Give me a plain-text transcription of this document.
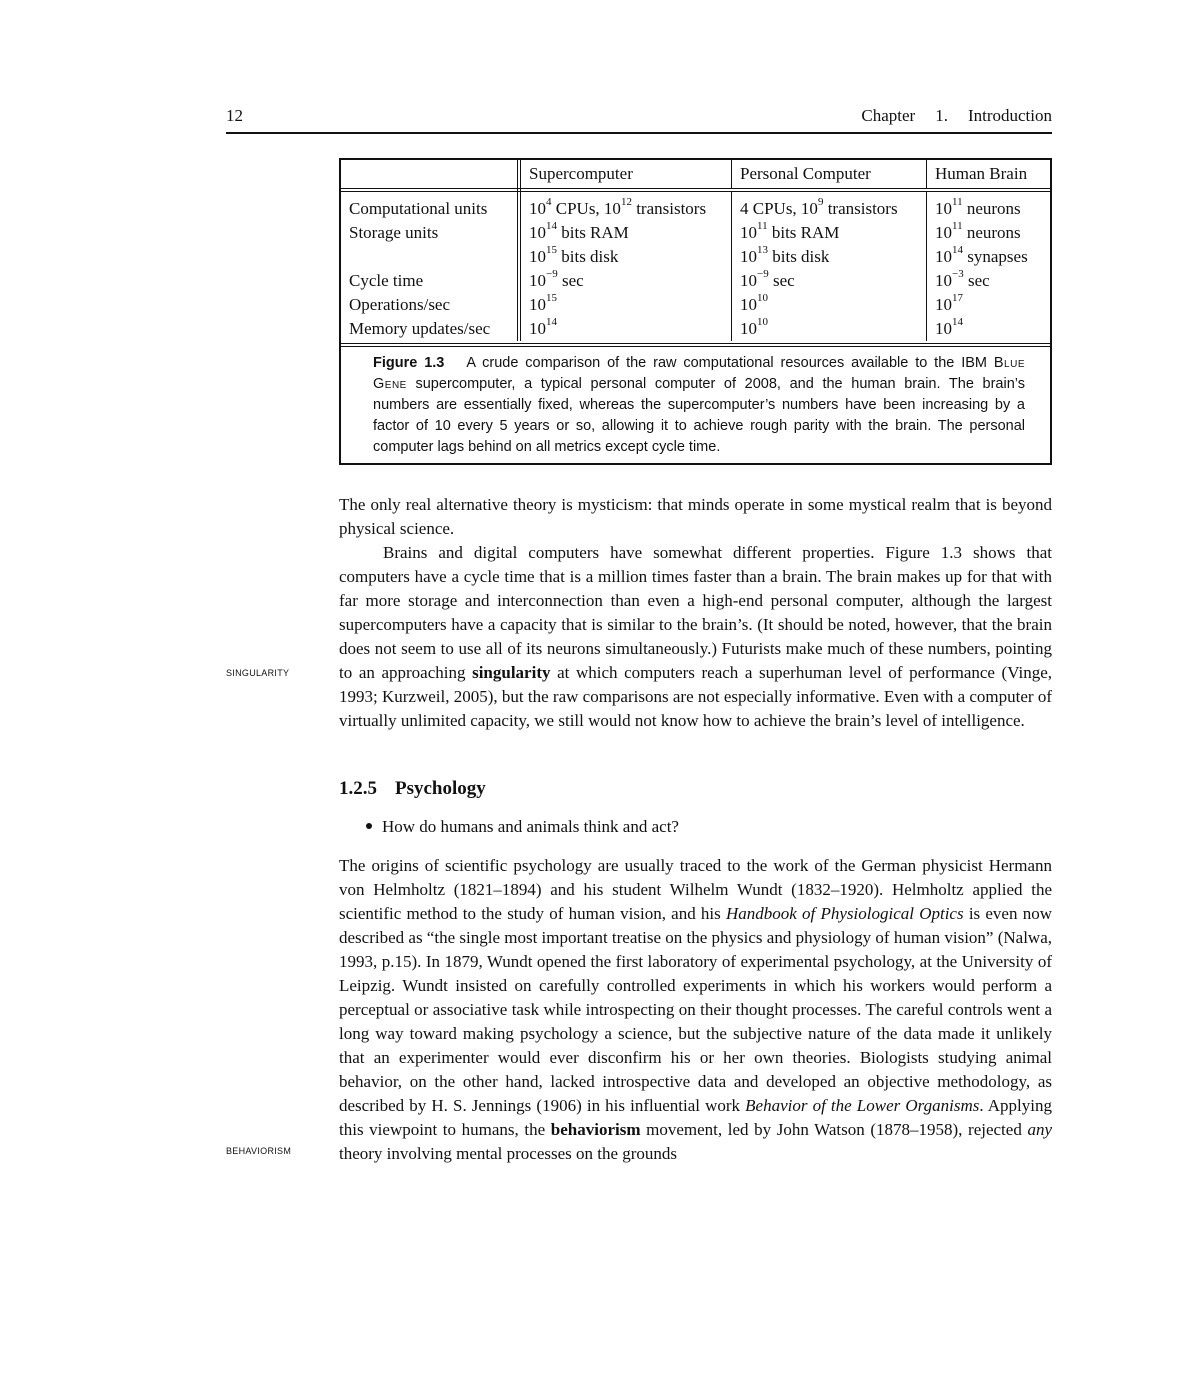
12	Chapter 1. Introduction
	Supercomputer	Personal Computer	Human Brain
Computational units	$10^4$ CPUs, $10^{12}$ transistors	4 CPUs, $10^9$ transistors	$10^{11}$ neurons
Storage units	$10^{14}$ bits RAM	$10^{11}$ bits RAM	$10^{11}$ neurons
	$10^{15}$ bits disk	$10^{13}$ bits disk	$10^{14}$ synapses
Cycle time	$10^{-9}$ sec	$10^{-9}$ sec	$10^{-3}$ sec
Operations/sec	$10^{15}$	$10^{10}$	$10^{17}$
Memory updates/sec	$10^{14}$	$10^{10}$	$10^{14}$
Figure 1.3 A crude comparison of the raw computational resources available to the IBM Blue Gene supercomputer, a typical personal computer of 2008, and the human brain. The brain’s numbers are essentially fixed, whereas the supercomputer’s numbers have been increasing by a factor of 10 every 5 years or so, allowing it to achieve rough parity with the brain. The personal computer lags behind on all metrics except cycle time.

The only real alternative theory is mysticism: that minds operate in some mystical realm that is beyond physical science.

Brains and digital computers have somewhat different properties. Figure 1.3 shows that computers have a cycle time that is a million times faster than a brain. The brain makes up for that with far more storage and interconnection than even a high-end personal computer, although the largest supercomputers have a capacity that is similar to the brain’s. (It should be noted, however, that the brain does not seem to use all of its neurons simultaneously.) Futurists make much of these numbers, pointing to an approaching singularity at which computers reach a superhuman level of performance (Vinge, 1993; Kurzweil, 2005), but the raw comparisons are not especially informative. Even with a computer of virtually unlimited capacity, we still would not know how to achieve the brain’s level of intelligence.

SINGULARITY
1.2.5 Psychology
How do humans and animals think and act?

The origins of scientific psychology are usually traced to the work of the German physicist Hermann von Helmholtz (1821–1894) and his student Wilhelm Wundt (1832–1920). Helmholtz applied the scientific method to the study of human vision, and his Handbook of Physiological Optics is even now described as “the single most important treatise on the physics and physiology of human vision” (Nalwa, 1993, p.15). In 1879, Wundt opened the first laboratory of experimental psychology, at the University of Leipzig. Wundt insisted on carefully controlled experiments in which his workers would perform a perceptual or associative task while introspecting on their thought processes. The careful controls went a long way toward making psychology a science, but the subjective nature of the data made it unlikely that an experimenter would ever disconfirm his or her own theories. Biologists studying animal behavior, on the other hand, lacked introspective data and developed an objective methodology, as described by H. S. Jennings (1906) in his influential work Behavior of the Lower Organisms. Applying this viewpoint to humans, the behaviorism movement, led by John Watson (1878–1958), rejected any theory involving mental processes on the grounds

BEHAVIORISM
